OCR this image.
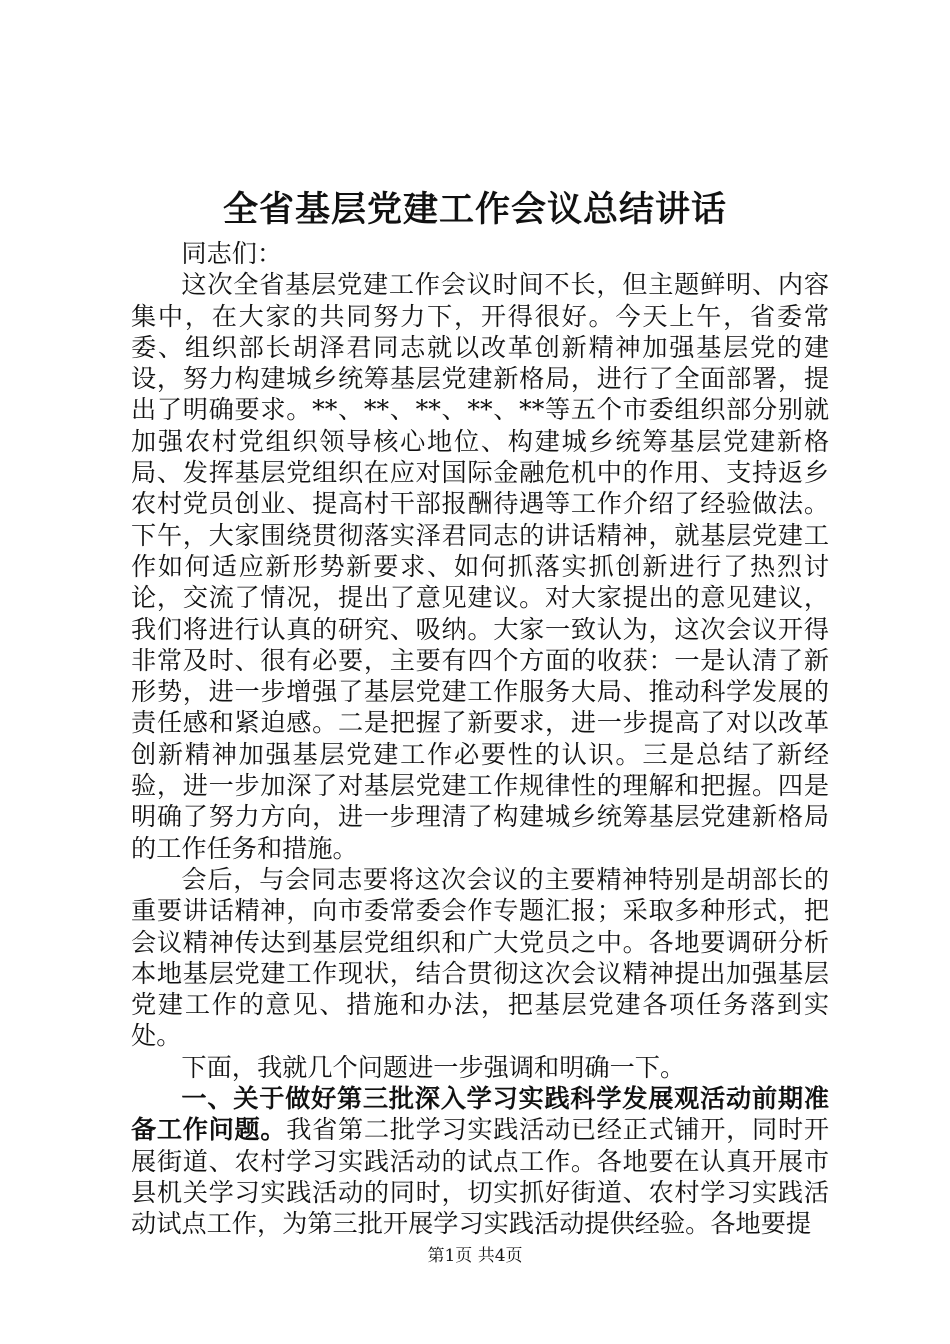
全省基层党建工作会议总结讲话

同志们：

这次全省基层党建工作会议时间不长，但主题鲜明、内容集中，在大家的共同努力下，开得很好。今天上午，省委常委、组织部长胡泽君同志就以改革创新精神加强基层党的建设，努力构建城乡统筹基层党建新格局，进行了全面部署，提出了明确要求。**、**、**、**、**等五个市委组织部分别就加强农村党组织领导核心地位、构建城乡统筹基层党建新格局、发挥基层党组织在应对国际金融危机中的作用、支持返乡农村党员创业、提高村干部报酬待遇等工作介绍了经验做法。下午，大家围绕贯彻落实泽君同志的讲话精神，就基层党建工作如何适应新形势新要求、如何抓落实抓创新进行了热烈讨论，交流了情况，提出了意见建议。对大家提出的意见建议，我们将进行认真的研究、吸纳。大家一致认为，这次会议开得非常及时、很有必要，主要有四个方面的收获：一是认清了新形势，进一步增强了基层党建工作服务大局、推动科学发展的责任感和紧迫感。二是把握了新要求，进一步提高了对以改革创新精神加强基层党建工作必要性的认识。三是总结了新经验，进一步加深了对基层党建工作规律性的理解和把握。四是明确了努力方向，进一步理清了构建城乡统筹基层党建新格局的工作任务和措施。

会后，与会同志要将这次会议的主要精神特别是胡部长的重要讲话精神，向市委常委会作专题汇报；采取多种形式，把会议精神传达到基层党组织和广大党员之中。各地要调研分析本地基层党建工作现状，结合贯彻这次会议精神提出加强基层党建工作的意见、措施和办法，把基层党建各项任务落到实处。

下面，我就几个问题进一步强调和明确一下。

一、关于做好第三批深入学习实践科学发展观活动前期准备工作问题。我省第二批学习实践活动已经正式铺开，同时开展街道、农村学习实践活动的试点工作。各地要在认真开展市县机关学习实践活动的同时，切实抓好街道、农村学习实践活动试点工作，为第三批开展学习实践活动提供经验。各地要提

第1页 共4页
